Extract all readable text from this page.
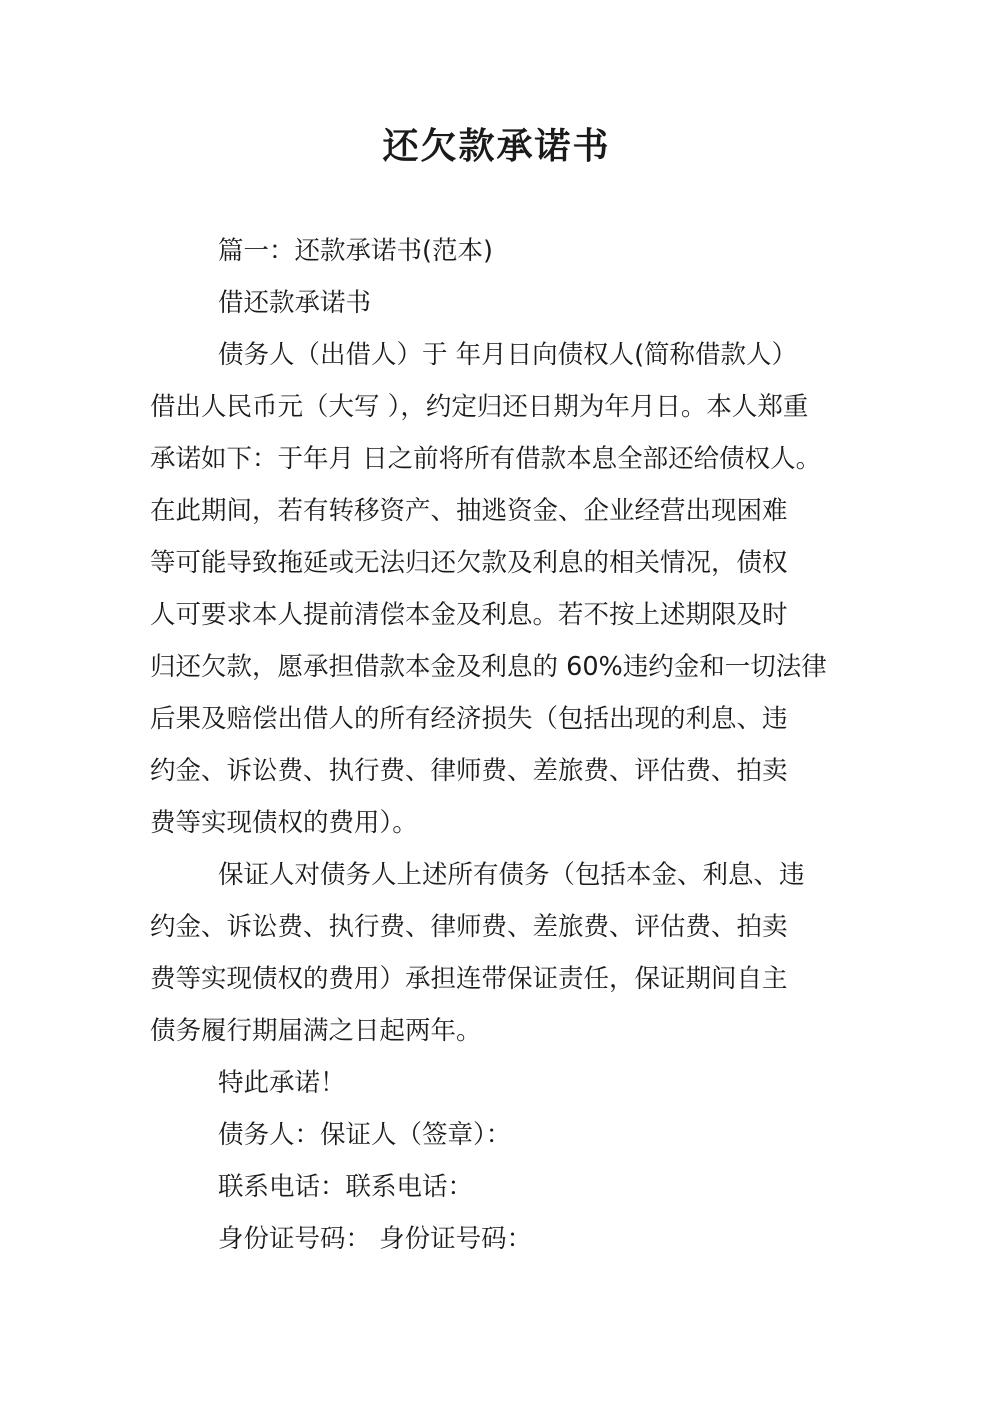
还欠款承诺书
篇一：还款承诺书(范本)
借还款承诺书
债务人（出借人）于 年月日向债权人(简称借款人）
借出人民币元（大写 ），约定归还日期为年月日。本人郑重
承诺如下：于年月 日之前将所有借款本息全部还给债权人。
在此期间，若有转移资产、抽逃资金、企业经营出现困难
等可能导致拖延或无法归还欠款及利息的相关情况，债权
人可要求本人提前清偿本金及利息。若不按上述期限及时
归还欠款，愿承担借款本金及利息的 60%违约金和一切法律
后果及赔偿出借人的所有经济损失（包括出现的利息、违
约金、诉讼费、执行费、律师费、差旅费、评估费、拍卖
费等实现债权的费用）。
保证人对债务人上述所有债务（包括本金、利息、违
约金、诉讼费、执行费、律师费、差旅费、评估费、拍卖
费等实现债权的费用）承担连带保证责任，保证期间自主
债务履行期届满之日起两年。
特此承诺！
债务人：保证人（签章）：
联系电话：联系电话：
身份证号码： 身份证号码：
